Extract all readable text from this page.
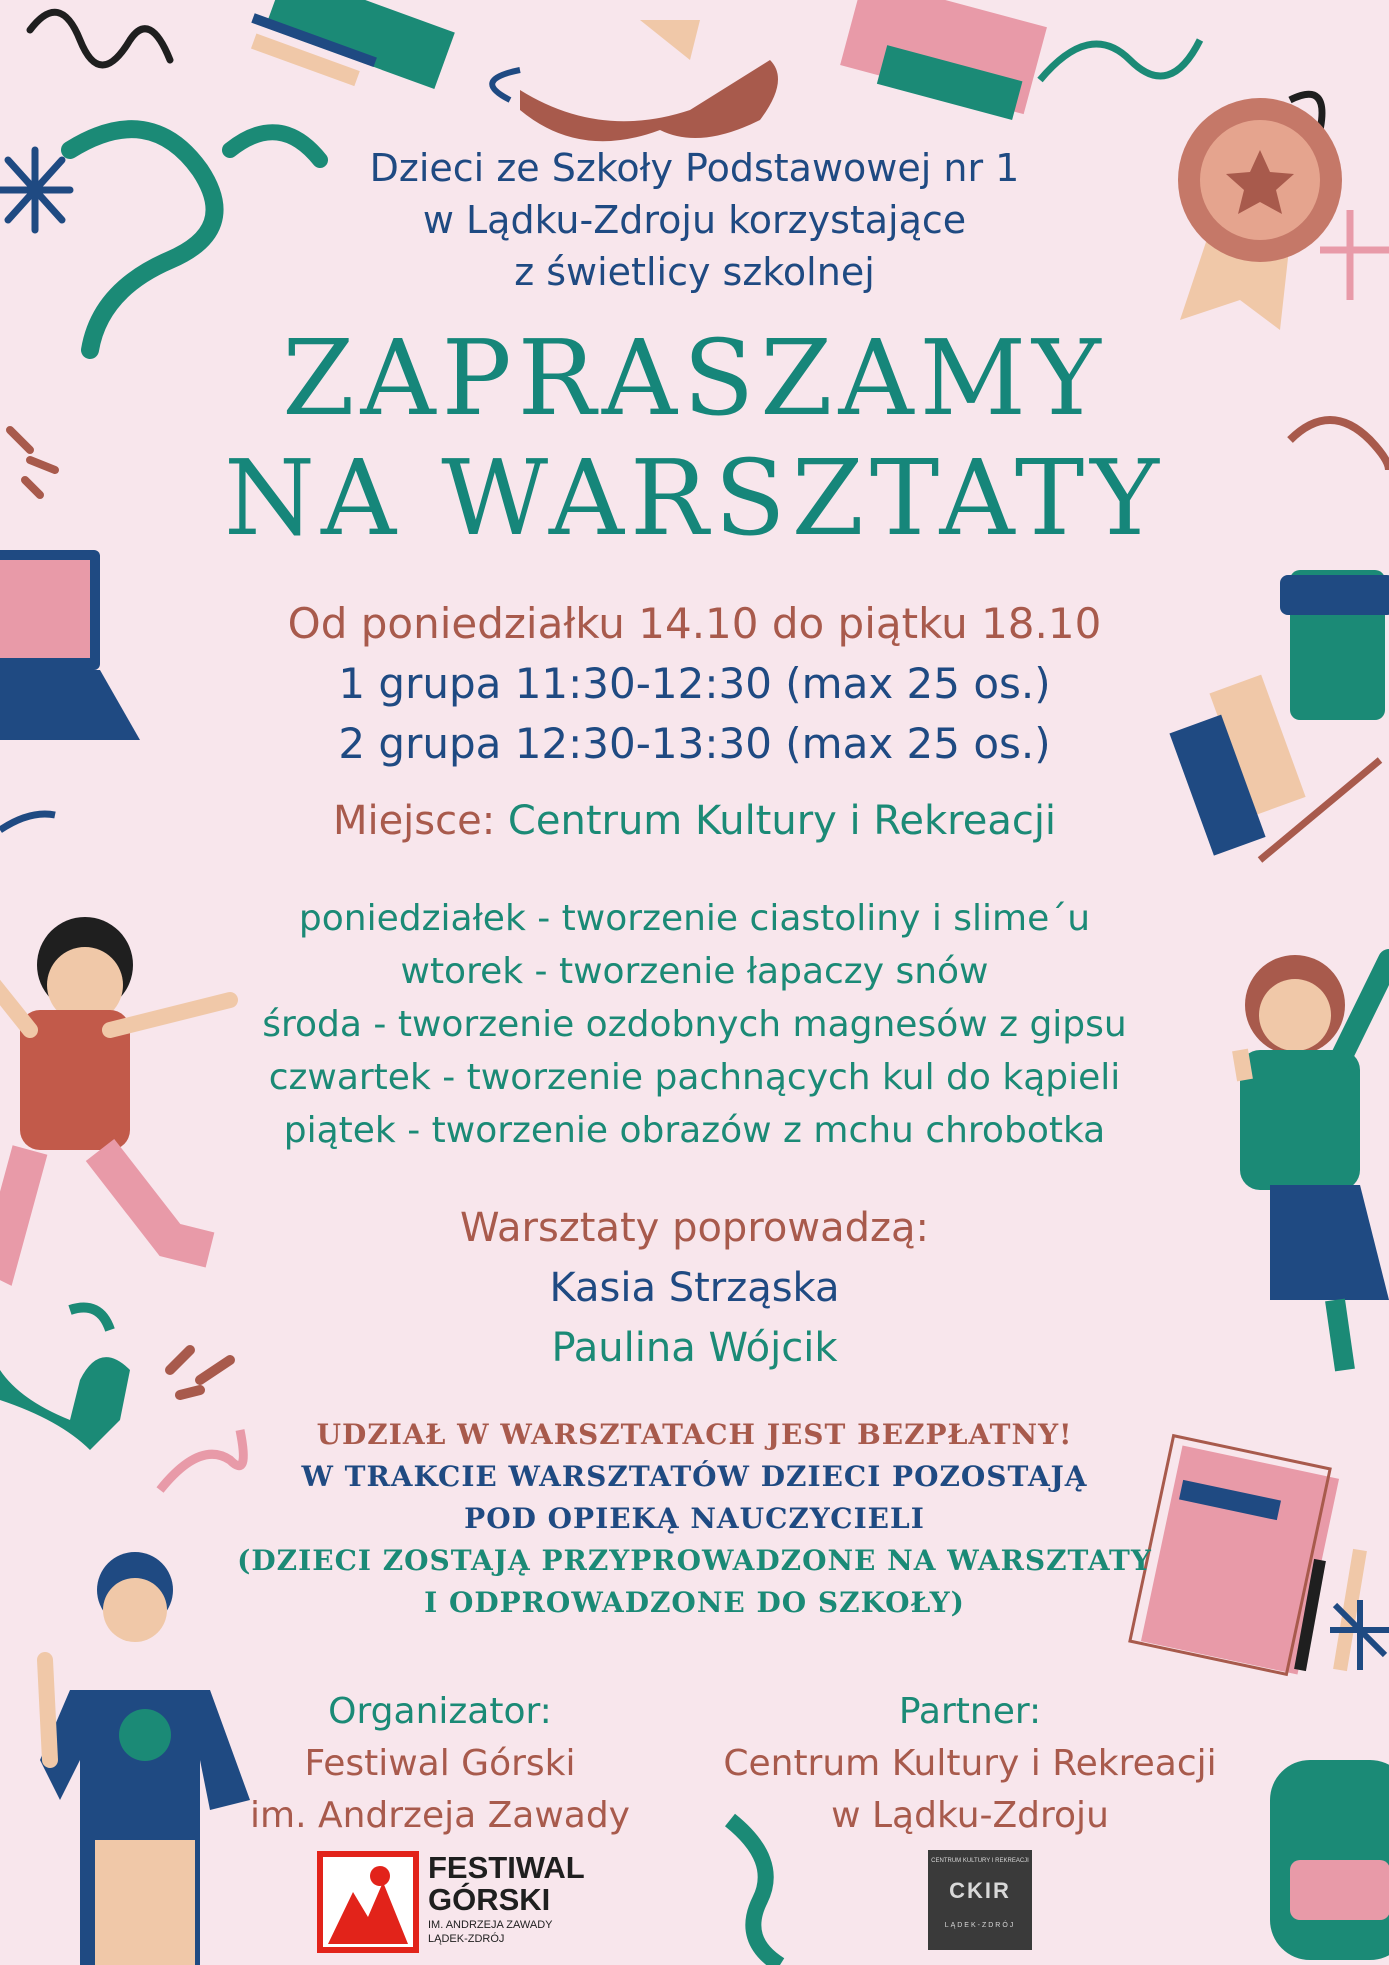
Dzieci ze Szkoły Podstawowej nr 1
w Lądku-Zdroju korzystające
z świetlicy szkolnej
ZAPRASZAMY
NA WARSZTATY
Od poniedziałku 14.10 do piątku 18.10
1 grupa 11:30-12:30 (max 25 os.)
2 grupa 12:30-13:30 (max 25 os.)
Miejsce: Centrum Kultury i Rekreacji
poniedziałek - tworzenie ciastoliny i slime´u
wtorek - tworzenie łapaczy snów
środa - tworzenie ozdobnych magnesów z gipsu
czwartek - tworzenie pachnących kul do kąpieli
piątek - tworzenie obrazów z mchu chrobotka
Warsztaty poprowadzą:
Kasia Strząska
Paulina Wójcik
UDZIAŁ W WARSZTATACH JEST BEZPŁATNY!
W TRAKCIE WARSZTATÓW DZIECI POZOSTAJĄ
POD OPIEKĄ NAUCZYCIELI
(DZIECI ZOSTAJĄ PRZYPROWADZONE NA WARSZTATY
I ODPROWADZONE DO SZKOŁY)
Organizator:
Festiwal Górski
im. Andrzeja Zawady
Partner:
Centrum Kultury i Rekreacji
w Lądku-Zdroju
FESTIWAL
GÓRSKI
IM. ANDRZEJA ZAWADY
LĄDEK-ZDRÓJ
CENTRUM KULTURY I REKREACJI
CKIR
LĄDEK-ZDRÓJ
